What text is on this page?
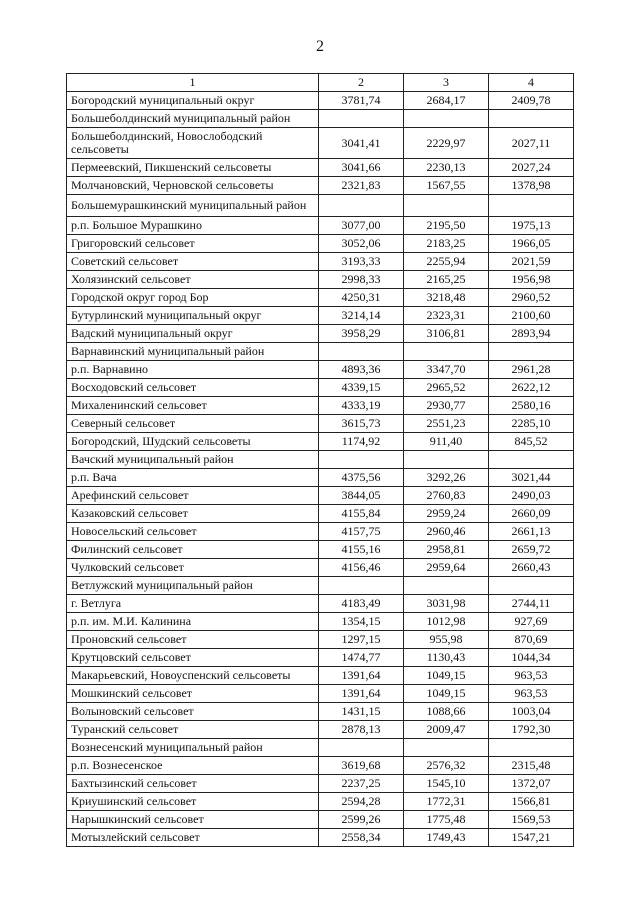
2
1	2	3	4
Богородский муниципальный округ	3781,74	2684,17	2409,78
Большеболдинский муниципальный район			
Большеболдинский, Новослободский сельсоветы	3041,41	2229,97	2027,11
Пермеевский, Пикшенский сельсоветы	3041,66	2230,13	2027,24
Молчановский, Черновской сельсоветы	2321,83	1567,55	1378,98
Большемурашкинский муниципальный район			
р.п. Большое Мурашкино	3077,00	2195,50	1975,13
Григоровский сельсовет	3052,06	2183,25	1966,05
Советский сельсовет	3193,33	2255,94	2021,59
Холязинский сельсовет	2998,33	2165,25	1956,98
Городской округ город Бор	4250,31	3218,48	2960,52
Бутурлинский муниципальный округ	3214,14	2323,31	2100,60
Вадский муниципальный округ	3958,29	3106,81	2893,94
Варнавинский муниципальный район			
р.п. Варнавино	4893,36	3347,70	2961,28
Восходовский сельсовет	4339,15	2965,52	2622,12
Михаленинский сельсовет	4333,19	2930,77	2580,16
Северный сельсовет	3615,73	2551,23	2285,10
Богородский, Шудский сельсоветы	1174,92	911,40	845,52
Вачский муниципальный район			
р.п. Вача	4375,56	3292,26	3021,44
Арефинский сельсовет	3844,05	2760,83	2490,03
Казаковский сельсовет	4155,84	2959,24	2660,09
Новосельский сельсовет	4157,75	2960,46	2661,13
Филинский сельсовет	4155,16	2958,81	2659,72
Чулковский сельсовет	4156,46	2959,64	2660,43
Ветлужский муниципальный район			
г. Ветлуга	4183,49	3031,98	2744,11
р.п. им. М.И. Калинина	1354,15	1012,98	927,69
Проновский сельсовет	1297,15	955,98	870,69
Крутцовский сельсовет	1474,77	1130,43	1044,34
Макарьевский, Новоуспенский сельсоветы	1391,64	1049,15	963,53
Мошкинский сельсовет	1391,64	1049,15	963,53
Волыновский сельсовет	1431,15	1088,66	1003,04
Туранский сельсовет	2878,13	2009,47	1792,30
Вознесенский муниципальный район			
р.п. Вознесенское	3619,68	2576,32	2315,48
Бахтызинский сельсовет	2237,25	1545,10	1372,07
Криушинский сельсовет	2594,28	1772,31	1566,81
Нарышкинский сельсовет	2599,26	1775,48	1569,53
Мотызлейский сельсовет	2558,34	1749,43	1547,21
